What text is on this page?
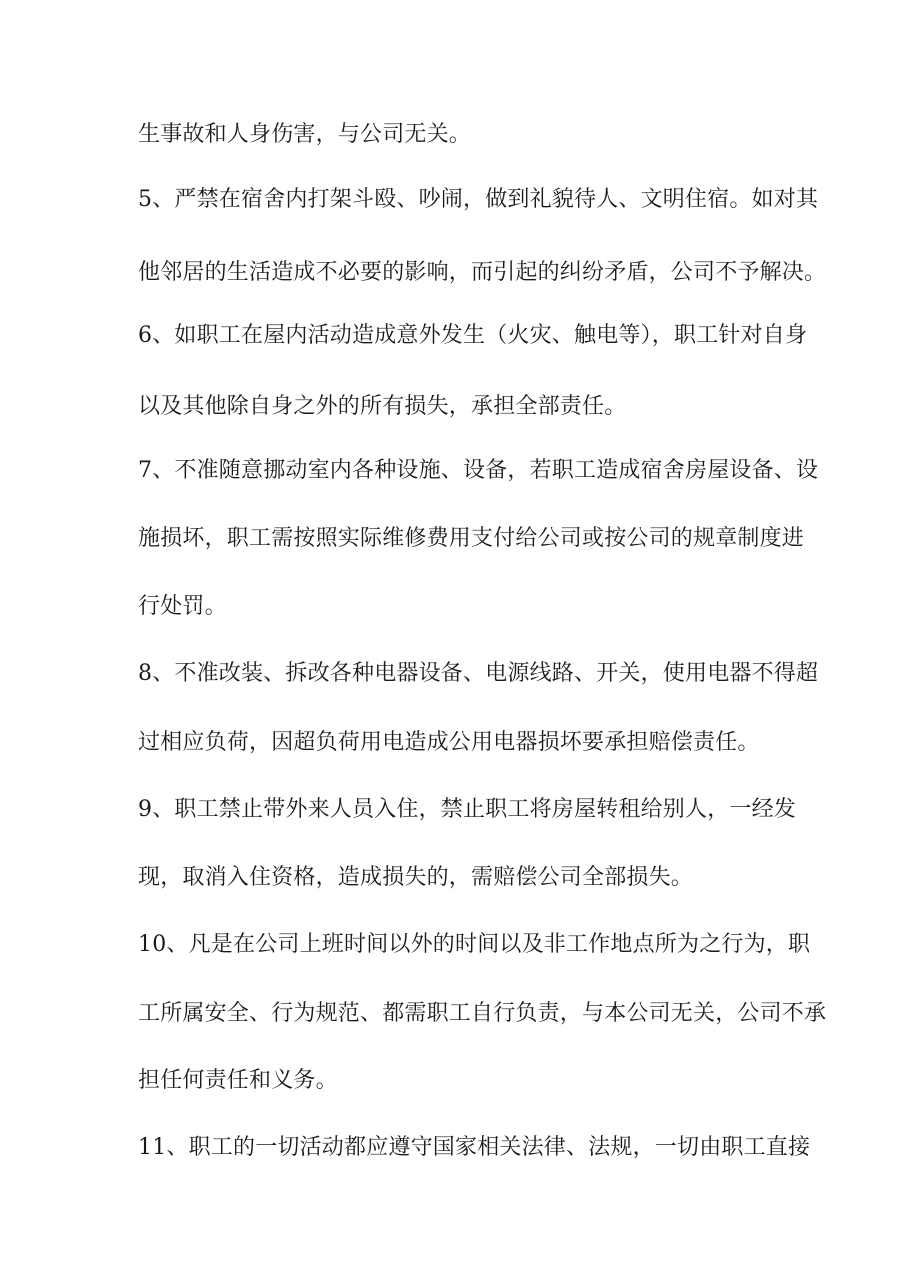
生事故和人身伤害，与公司无关。
5、严禁在宿舍内打架斗殴、吵闹，做到礼貌待人、文明住宿。如对其
他邻居的生活造成不必要的影响，而引起的纠纷矛盾，公司不予解决。
6、如职工在屋内活动造成意外发生（火灾、触电等），职工针对自身
以及其他除自身之外的所有损失，承担全部责任。
7、不准随意挪动室内各种设施、设备，若职工造成宿舍房屋设备、设
施损坏，职工需按照实际维修费用支付给公司或按公司的规章制度进
行处罚。
8、不准改装、拆改各种电器设备、电源线路、开关，使用电器不得超
过相应负荷，因超负荷用电造成公用电器损坏要承担赔偿责任。
9、职工禁止带外来人员入住，禁止职工将房屋转租给别人，一经发
现，取消入住资格，造成损失的，需赔偿公司全部损失。
10、凡是在公司上班时间以外的时间以及非工作地点所为之行为，职
工所属安全、行为规范、都需职工自行负责，与本公司无关，公司不承
担任何责任和义务。
11、职工的一切活动都应遵守国家相关法律、法规，一切由职工直接
